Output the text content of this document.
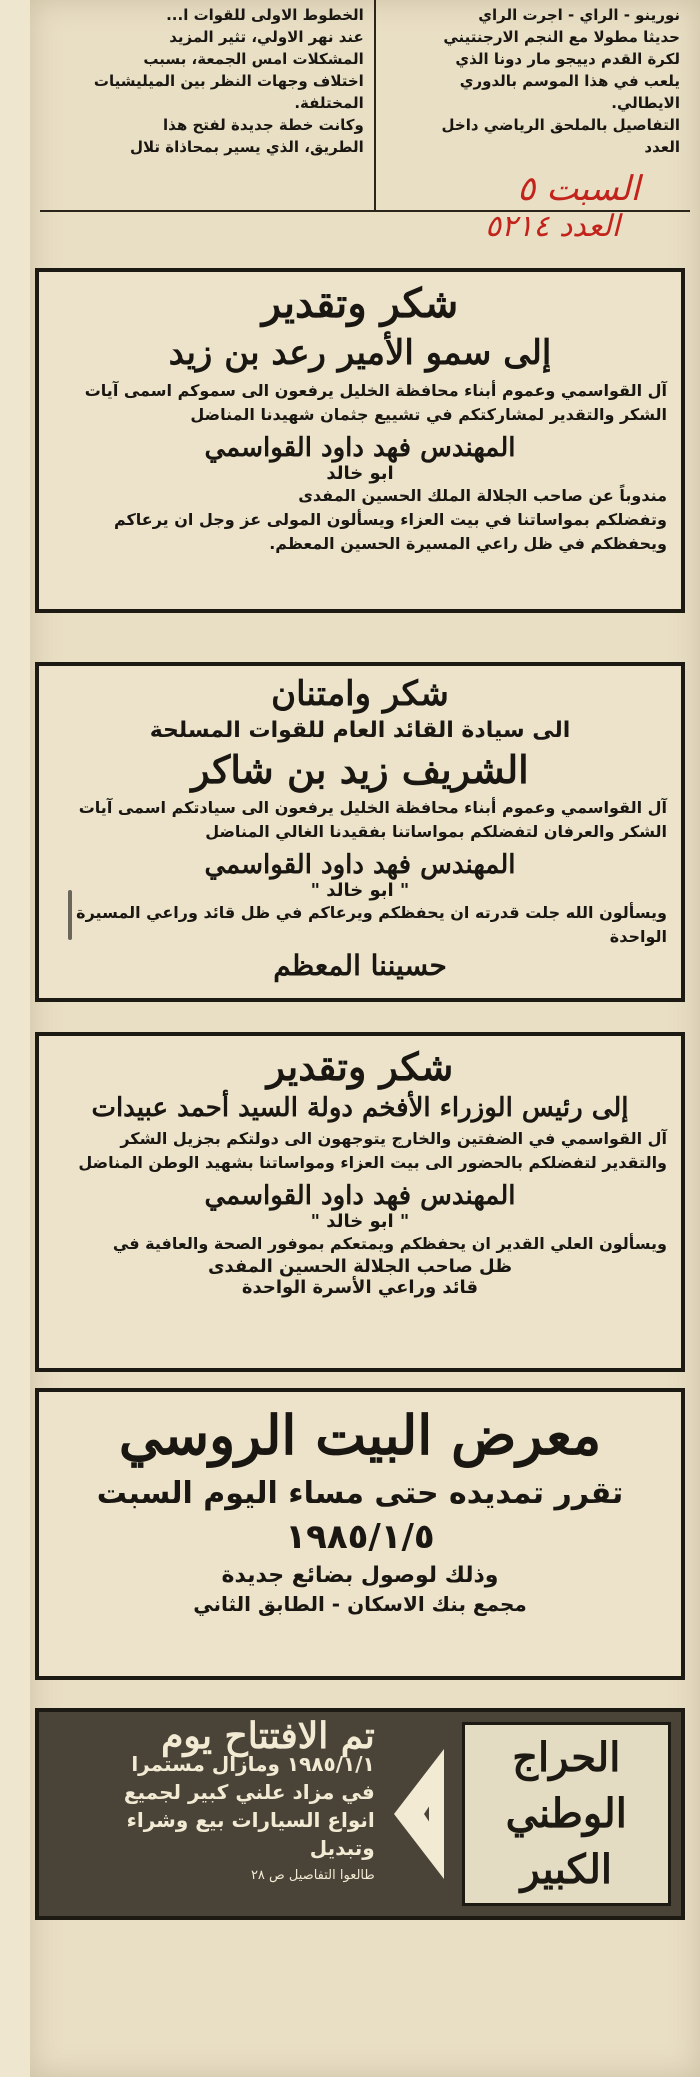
نورينو - الراي - اجرت الراي

حديثا مطولا مع النجم الارجنتيني

لكرة القدم دييجو مار دونا الذي

يلعب في هذا الموسم بالدوري

الايطالي.

التفاصيل بالملحق الرياضي داخل

العدد

الخطوط الاولى للقوات ا...

عند نهر الاولي، تثير المزيد

المشكلات امس الجمعة، بسبب

اختلاف وجهات النظر بين الميليشيات

المختلفة.

وكانت خطة جديدة لفتح هذا

الطريق، الذي يسير بمحاذاة تلال

السبت ٥
العدد ٥٢١٤
شكر وتقدير
إلى سمو الأمير رعد بن زيد
آل القواسمي وعموم أبناء محافظة الخليل يرفعون الى سموكم اسمى آيات الشكر والتقدير لمشاركتكم في تشييع جثمان شهيدنا المناضل
المهندس فهد داود القواسمي
ابو خالد
مندوباً عن صاحب الجلالة الملك الحسين المفدى
وتفضلكم بمواساتنا في بيت العزاء ويسألون المولى عز وجل ان يرعاكم ويحفظكم في ظل راعي المسيرة الحسين المعظم.
شكر وامتنان
الى سيادة القائد العام للقوات المسلحة
الشريف زيد بن شاكر
آل القواسمي وعموم أبناء محافظة الخليل يرفعون الى سيادتكم اسمى آيات الشكر والعرفان لتفضلكم بمواساتنا بفقيدنا الغالي المناضل
المهندس فهد داود القواسمي
" ابو خالد "
ويسألون الله جلت قدرته ان يحفظكم ويرعاكم في ظل قائد وراعي المسيرة الواحدة
حسيننا المعظم
شكر وتقدير
إلى رئيس الوزراء الأفخم دولة السيد أحمد عبيدات
آل القواسمي في الضفتين والخارج يتوجهون الى دولتكم بجزيل الشكر والتقدير لتفضلكم بالحضور الى بيت العزاء ومواساتنا بشهيد الوطن المناضل
المهندس فهد داود القواسمي
" ابو خالد "
ويسألون العلي القدير ان يحفظكم ويمتعكم بموفور الصحة والعافية في
ظل صاحب الجلالة الحسين المفدى
قائد وراعي الأسرة الواحدة
معرض البيت الروسي
تقرر تمديده حتى مساء اليوم السبت
١٩٨٥/١/٥
وذلك لوصول بضائع جديدة
مجمع بنك الاسكان - الطابق الثاني
تم الافتتاح يوم
١٩٨٥/١/١ ومازال مستمرا
في مزاد علني كبير لجميع
انواع السيارات بيع وشراء
وتبديل
طالعوا التفاصيل ص ٢٨
الحراج
الوطني
الكبير
